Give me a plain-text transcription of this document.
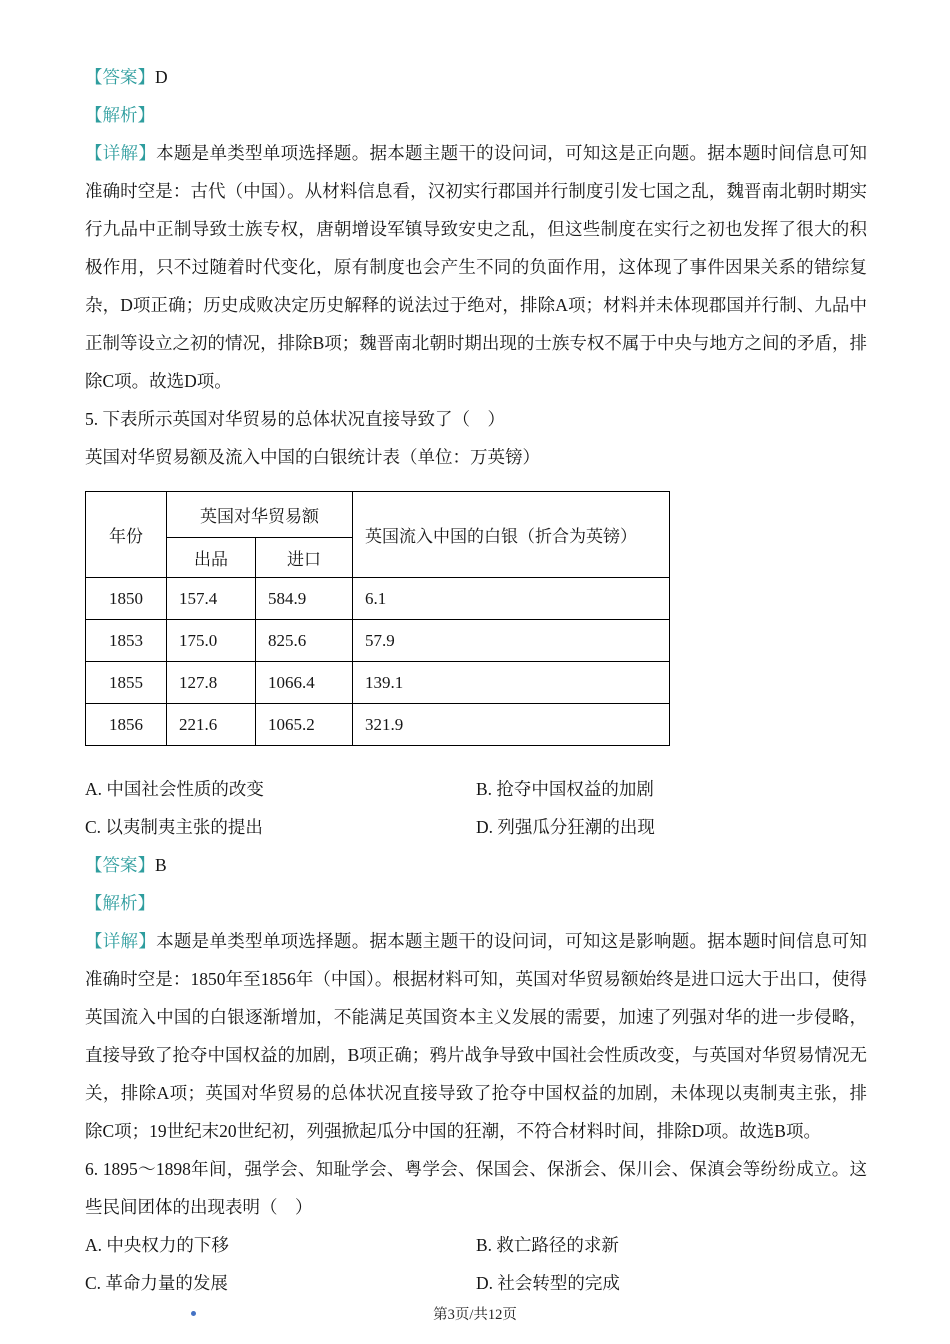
【答案】D

【解析】

【详解】本题是单类型单项选择题。据本题主题干的设问词，可知这是正向题。据本题时间信息可知准确时空是：古代（中国）。从材料信息看，汉初实行郡国并行制度引发七国之乱，魏晋南北朝时期实行九品中正制导致士族专权，唐朝增设军镇导致安史之乱，但这些制度在实行之初也发挥了很大的积极作用，只不过随着时代变化，原有制度也会产生不同的负面作用，这体现了事件因果关系的错综复杂，D项正确；历史成败决定历史解释的说法过于绝对，排除A项；材料并未体现郡国并行制、九品中正制等设立之初的情况，排除B项；魏晋南北朝时期出现的士族专权不属于中央与地方之间的矛盾，排除C项。故选D项。

5. 下表所示英国对华贸易的总体状况直接导致了（　）

英国对华贸易额及流入中国的白银统计表（单位：万英镑）

年份	英国对华贸易额		英国流入中国的白银（折合为英镑）
	出品	进口	
1850	157.4	584.9	6.1
1853	175.0	825.6	57.9
1855	127.8	1066.4	139.1
1856	221.6	1065.2	321.9
A. 中国社会性质的改变	B. 抢夺中国权益的加剧
C. 以夷制夷主张的提出	D. 列强瓜分狂潮的出现

【答案】B

【解析】

【详解】本题是单类型单项选择题。据本题主题干的设问词，可知这是影响题。据本题时间信息可知准确时空是：1850年至1856年（中国）。根据材料可知，英国对华贸易额始终是进口远大于出口，使得英国流入中国的白银逐渐增加，不能满足英国资本主义发展的需要，加速了列强对华的进一步侵略，直接导致了抢夺中国权益的加剧，B项正确；鸦片战争导致中国社会性质改变，与英国对华贸易情况无关，排除A项；英国对华贸易的总体状况直接导致了抢夺中国权益的加剧，未体现以夷制夷主张，排除C项；19世纪末20世纪初，列强掀起瓜分中国的狂潮，不符合材料时间，排除D项。故选B项。

6. 1895～1898年间，强学会、知耻学会、粤学会、保国会、保浙会、保川会、保滇会等纷纷成立。这些民间团体的出现表明（　）

A. 中央权力的下移	B. 救亡路径的求新
C. 革命力量的发展	D. 社会转型的完成
第3页/共12页
